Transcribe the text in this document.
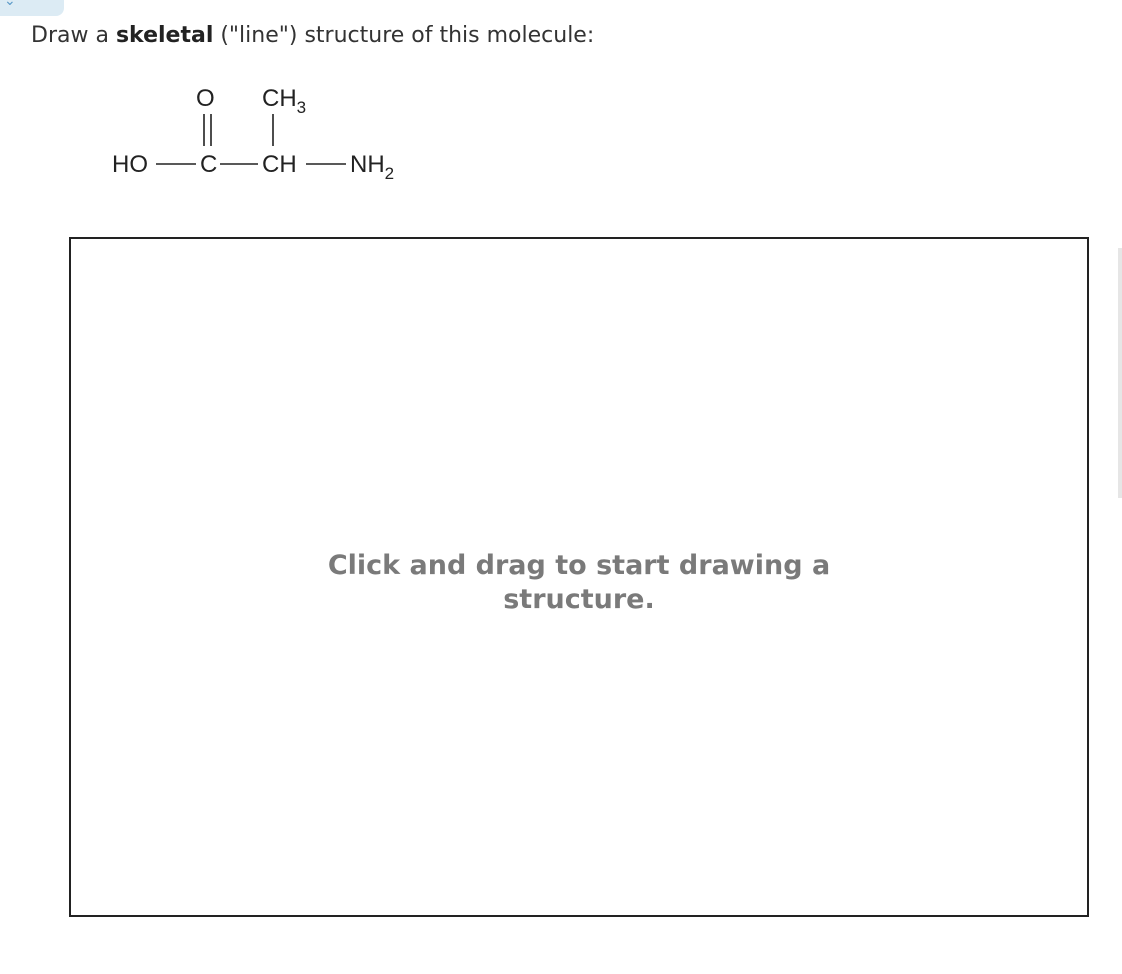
⌄
Draw a skeletal ("line") structure of this molecule:
O $CH_3$
HO C CH $NH_2$
Click and drag to start drawing a
structure.
